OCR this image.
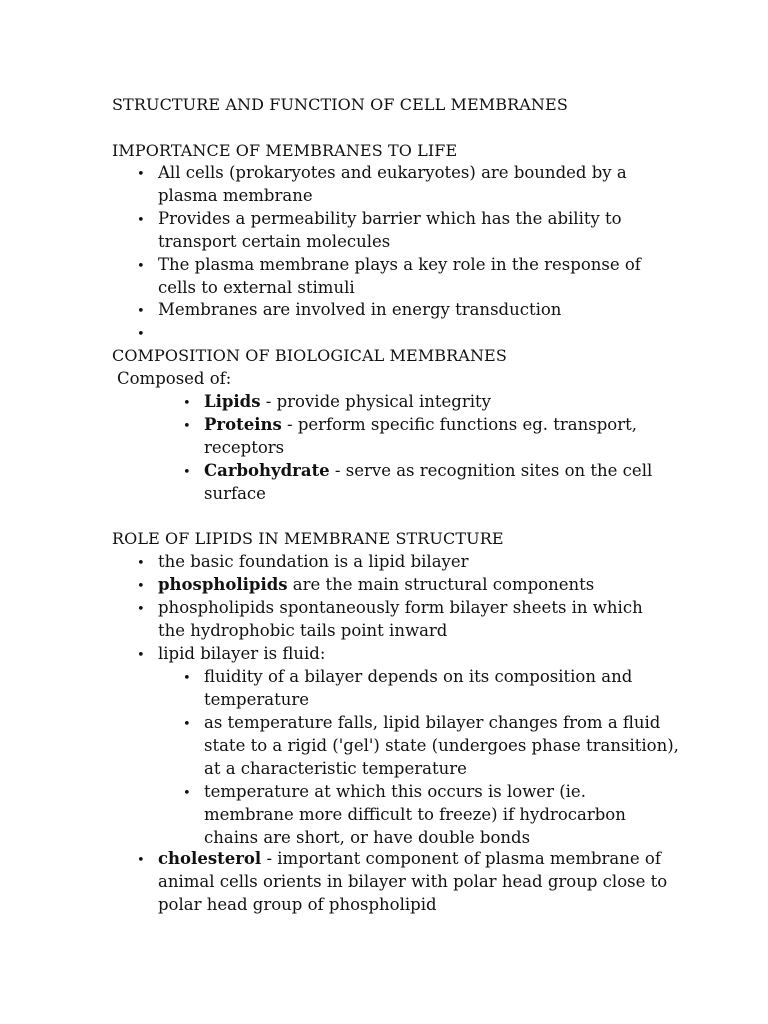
STRUCTURE AND FUNCTION OF CELL MEMBRANES
IMPORTANCE OF MEMBRANES TO LIFE
• All cells (prokaryotes and eukaryotes) are bounded by a
plasma membrane
• Provides a permeability barrier which has the ability to
transport certain molecules
• The plasma membrane plays a key role in the response of
cells to external stimuli
• Membranes are involved in energy transduction
•
COMPOSITION OF BIOLOGICAL MEMBRANES
Composed of:
• Lipids - provide physical integrity
• Proteins - perform specific functions eg. transport,
receptors
• Carbohydrate - serve as recognition sites on the cell
surface
ROLE OF LIPIDS IN MEMBRANE STRUCTURE
• the basic foundation is a lipid bilayer
• phospholipids are the main structural components
• phospholipids spontaneously form bilayer sheets in which
the hydrophobic tails point inward
• lipid bilayer is fluid:
• fluidity of a bilayer depends on its composition and
temperature
• as temperature falls, lipid bilayer changes from a fluid
state to a rigid ('gel') state (undergoes phase transition),
at a characteristic temperature
• temperature at which this occurs is lower (ie.
membrane more difficult to freeze) if hydrocarbon
chains are short, or have double bonds
• cholesterol - important component of plasma membrane of
animal cells orients in bilayer with polar head group close to
polar head group of phospholipid
